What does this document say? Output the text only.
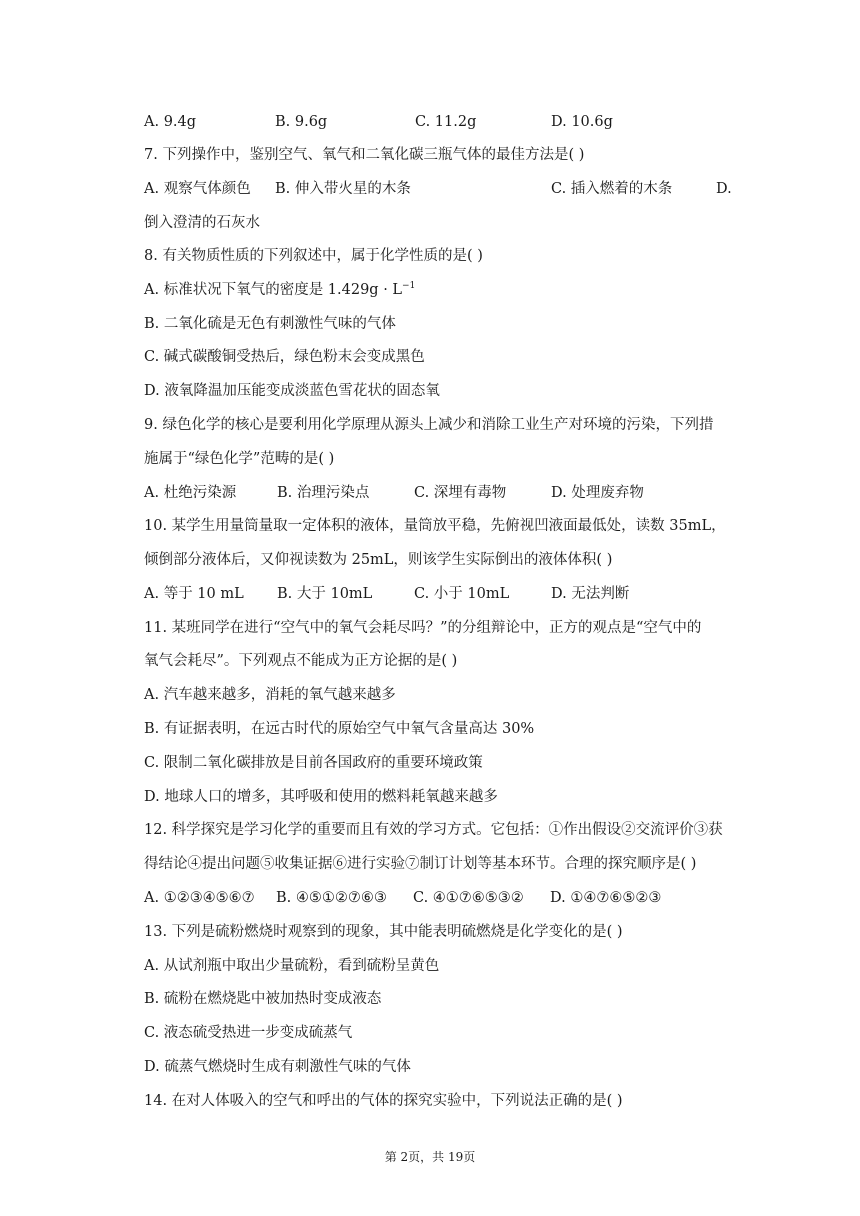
A. 9.4g	B. 9.6g	C. 11.2g	D. 10.6g
7. 下列操作中，鉴别空气、氧气和二氧化碳三瓶气体的最佳方法是( )
A. 观察气体颜色 B. 伸入带火星的木条	C. 插入燃着的木条	D.
倒入澄清的石灰水
8. 有关物质性质的下列叙述中，属于化学性质的是( )
A. 标准状况下氧气的密度是 $1.429g \cdot L^{-1}$
B. 二氧化硫是无色有刺激性气味的气体
C. 碱式碳酸铜受热后，绿色粉末会变成黑色
D. 液氧降温加压能变成淡蓝色雪花状的固态氧
9. 绿色化学的核心是要利用化学原理从源头上减少和消除工业生产对环境的污染，下列措
施属于“绿色化学”范畴的是( )
A. 杜绝污染源	B. 治理污染点	C. 深埋有毒物	D. 处理废弃物
10. 某学生用量筒量取一定体积的液体，量筒放平稳，先俯视凹液面最低处，读数 35mL，
倾倒部分液体后，又仰视读数为 25mL，则该学生实际倒出的液体体积( )
A. 等于 10 mL B. 大于 10mL	C. 小于 10mL	D. 无法判断
11. 某班同学在进行“空气中的氧气会耗尽吗？”的分组辩论中，正方的观点是“空气中的
氧气会耗尽”。下列观点不能成为正方论据的是( )
A. 汽车越来越多，消耗的氧气越来越多
B. 有证据表明，在远古时代的原始空气中氧气含量高达 30%
C. 限制二氧化碳排放是目前各国政府的重要环境政策
D. 地球人口的增多，其呼吸和使用的燃料耗氧越来越多
12. 科学探究是学习化学的重要而且有效的学习方式。它包括：①作出假设②交流评价③获
得结论④提出问题⑤收集证据⑥进行实验⑦制订计划等基本环节。合理的探究顺序是( )
A. ①②③④⑤⑥⑦ B. ④⑤①②⑦⑥③ C. ④①⑦⑥⑤③② D. ①④⑦⑥⑤②③
13. 下列是硫粉燃烧时观察到的现象，其中能表明硫燃烧是化学变化的是( )
A. 从试剂瓶中取出少量硫粉，看到硫粉呈黄色
B. 硫粉在燃烧匙中被加热时变成液态
C. 液态硫受热进一步变成硫蒸气
D. 硫蒸气燃烧时生成有刺激性气味的气体
14. 在对人体吸入的空气和呼出的气体的探究实验中，下列说法正确的是( )
第 2页，共 19页
